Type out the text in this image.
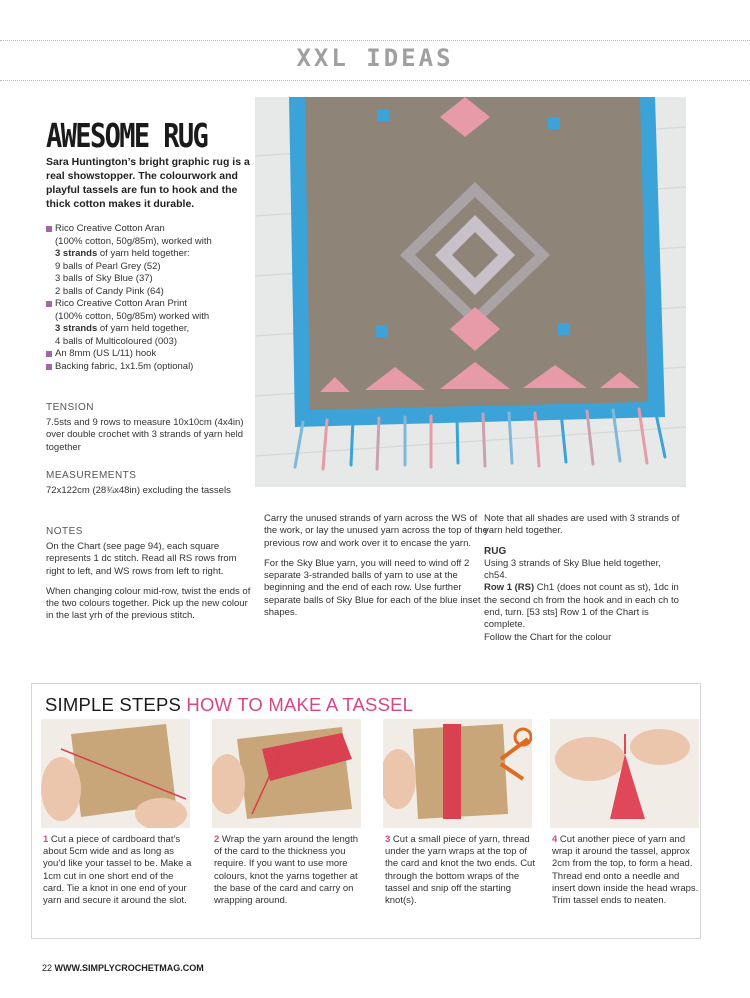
XXL IDEAS
AWESOME RUG
Sara Huntington’s bright graphic rug is a real showstopper. The colourwork and playful tassels are fun to hook and the thick cotton makes it durable.
Rico Creative Cotton Aran
(100% cotton, 50g/85m), worked with
3 strands of yarn held together:
9 balls of Pearl Grey (52)
3 balls of Sky Blue (37)
2 balls of Candy Pink (64)
Rico Creative Cotton Aran Print
(100% cotton, 50g/85m) worked with
3 strands of yarn held together,
4 balls of Multicoloured (003)
An 8mm (US L/11) hook
Backing fabric, 1x1.5m (optional)
TENSION
7.5sts and 9 rows to measure 10x10cm (4x4in) over double crochet with 3 strands of yarn held together
MEASUREMENTS
72x122cm (28¾x48in) excluding the tassels
NOTES

On the Chart (see page 94), each square represents 1 dc stitch. Read all RS rows from right to left, and WS rows from left to right.

When changing colour mid-row, twist the ends of the two colours together. Pick up the new colour in the last yrh of the previous stitch.

Carry the unused strands of yarn across the WS of the work, or lay the unused yarn across the top of the previous row and work over it to encase the yarn.

For the Sky Blue yarn, you will need to wind off 2 separate 3-stranded balls of yarn to use at the beginning and the end of each row. Use further separate balls of Sky Blue for each of the blue inset shapes.

Note that all shades are used with 3 strands of yarn held together.

RUG

Using 3 strands of Sky Blue held together, ch54.

Row 1 (RS) Ch1 (does not count as st), 1dc in the second ch from the hook and in each ch to end, turn. [53 sts] Row 1 of the Chart is complete.

Follow the Chart for the colour

SIMPLE STEPS HOW TO MAKE A TASSEL
1 Cut a piece of cardboard that’s about 5cm wide and as long as you’d like your tassel to be. Make a 1cm cut in one short end of the card. Tie a knot in one end of your yarn and secure it around the slot.
2 Wrap the yarn around the length of the card to the thickness you require. If you want to use more colours, knot the yarns together at the base of the card and carry on wrapping around.
3 Cut a small piece of yarn, thread under the yarn wraps at the top of the card and knot the two ends. Cut through the bottom wraps of the tassel and snip off the starting knot(s).
4 Cut another piece of yarn and wrap it around the tassel, approx 2cm from the top, to form a head. Thread end onto a needle and insert down inside the head wraps. Trim tassel ends to neaten.
22 WWW.SIMPLYCROCHETMAG.COM
